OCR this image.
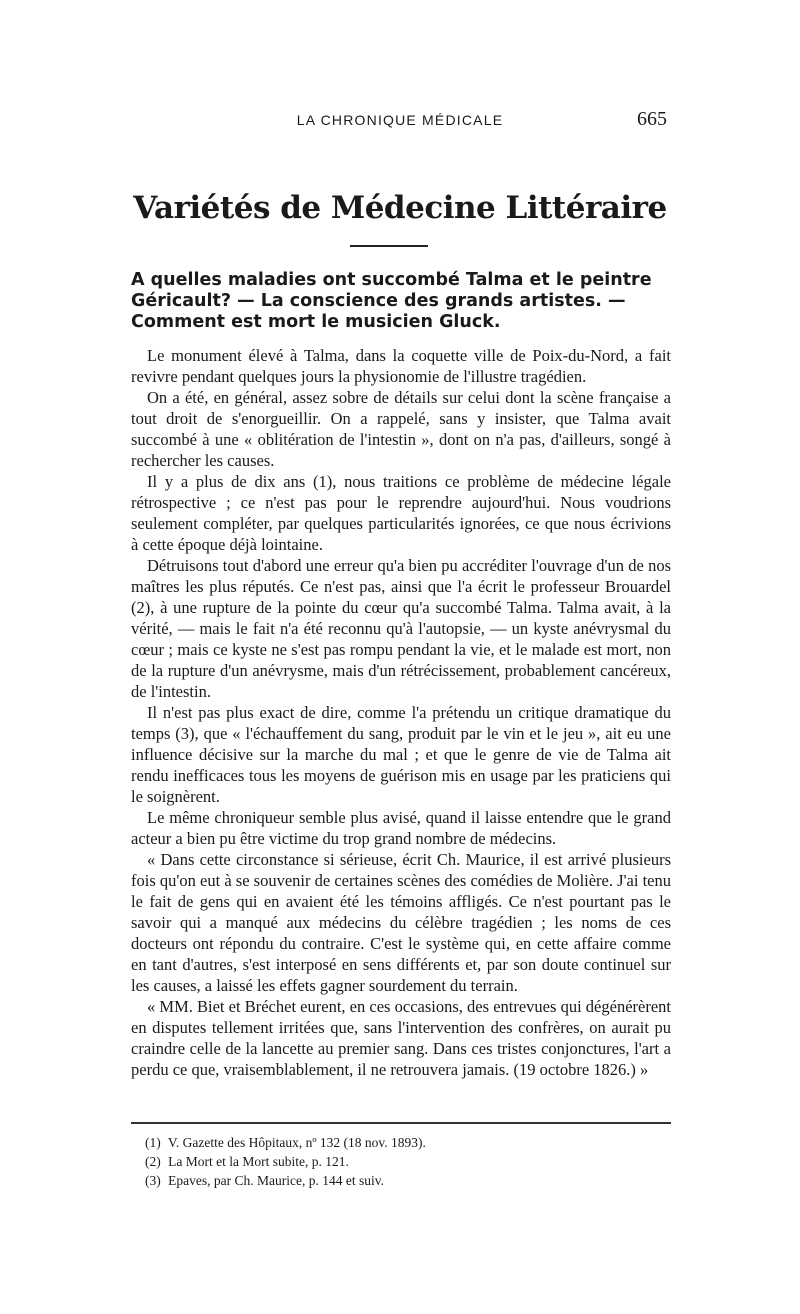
LA CHRONIQUE MÉDICALE	665
Variétés de Médecine Littéraire
A quelles maladies ont succombé Talma et le peintre
Géricault? — La conscience des grands artistes. —
Comment est mort le musicien Gluck.

Le monument élevé à Talma, dans la coquette ville de Poix-du-Nord, a fait revivre pendant quelques jours la physionomie de l'illustre tragédien.

On a été, en général, assez sobre de détails sur celui dont la scène française a tout droit de s'enorgueillir. On a rappelé, sans y insister, que Talma avait succombé à une « oblitération de l'intestin », dont on n'a pas, d'ailleurs, songé à rechercher les causes.

Il y a plus de dix ans (1), nous traitions ce problème de médecine légale rétrospective ; ce n'est pas pour le reprendre aujourd'hui. Nous voudrions seulement compléter, par quelques particularités ignorées, ce que nous écrivions à cette époque déjà lointaine.

Détruisons tout d'abord une erreur qu'a bien pu accréditer l'ouvrage d'un de nos maîtres les plus réputés. Ce n'est pas, ainsi que l'a écrit le professeur Brouardel (2), à une rupture de la pointe du cœur qu'a succombé Talma. Talma avait, à la vérité, — mais le fait n'a été reconnu qu'à l'autopsie, — un kyste anévrysmal du cœur ; mais ce kyste ne s'est pas rompu pendant la vie, et le malade est mort, non de la rupture d'un anévrysme, mais d'un rétrécissement, probablement cancéreux, de l'intestin.

Il n'est pas plus exact de dire, comme l'a prétendu un critique dramatique du temps (3), que « l'échauffement du sang, produit par le vin et le jeu », ait eu une influence décisive sur la marche du mal ; et que le genre de vie de Talma ait rendu inefficaces tous les moyens de guérison mis en usage par les praticiens qui le soignèrent.

Le même chroniqueur semble plus avisé, quand il laisse entendre que le grand acteur a bien pu être victime du trop grand nombre de médecins.

« Dans cette circonstance si sérieuse, écrit Ch. Maurice, il est arrivé plusieurs fois qu'on eut à se souvenir de certaines scènes des comédies de Molière. J'ai tenu le fait de gens qui en avaient été les témoins affligés. Ce n'est pourtant pas le savoir qui a manqué aux médecins du célèbre tragédien ; les noms de ces docteurs ont répondu du contraire. C'est le système qui, en cette affaire comme en tant d'autres, s'est interposé en sens différents et, par son doute continuel sur les causes, a laissé les effets gagner sourdement du terrain.

« MM. Biet et Bréchet eurent, en ces occasions, des entrevues qui dégénérèrent en disputes tellement irritées que, sans l'intervention des confrères, on aurait pu craindre celle de la lancette au premier sang. Dans ces tristes conjonctures, l'art a perdu ce que, vraisemblablement, il ne retrouvera jamais. (19 octobre 1826.) »

(1) V. Gazette des Hôpitaux, nº 132 (18 nov. 1893).
(2) La Mort et la Mort subite, p. 121.
(3) Epaves, par Ch. Maurice, p. 144 et suiv.
